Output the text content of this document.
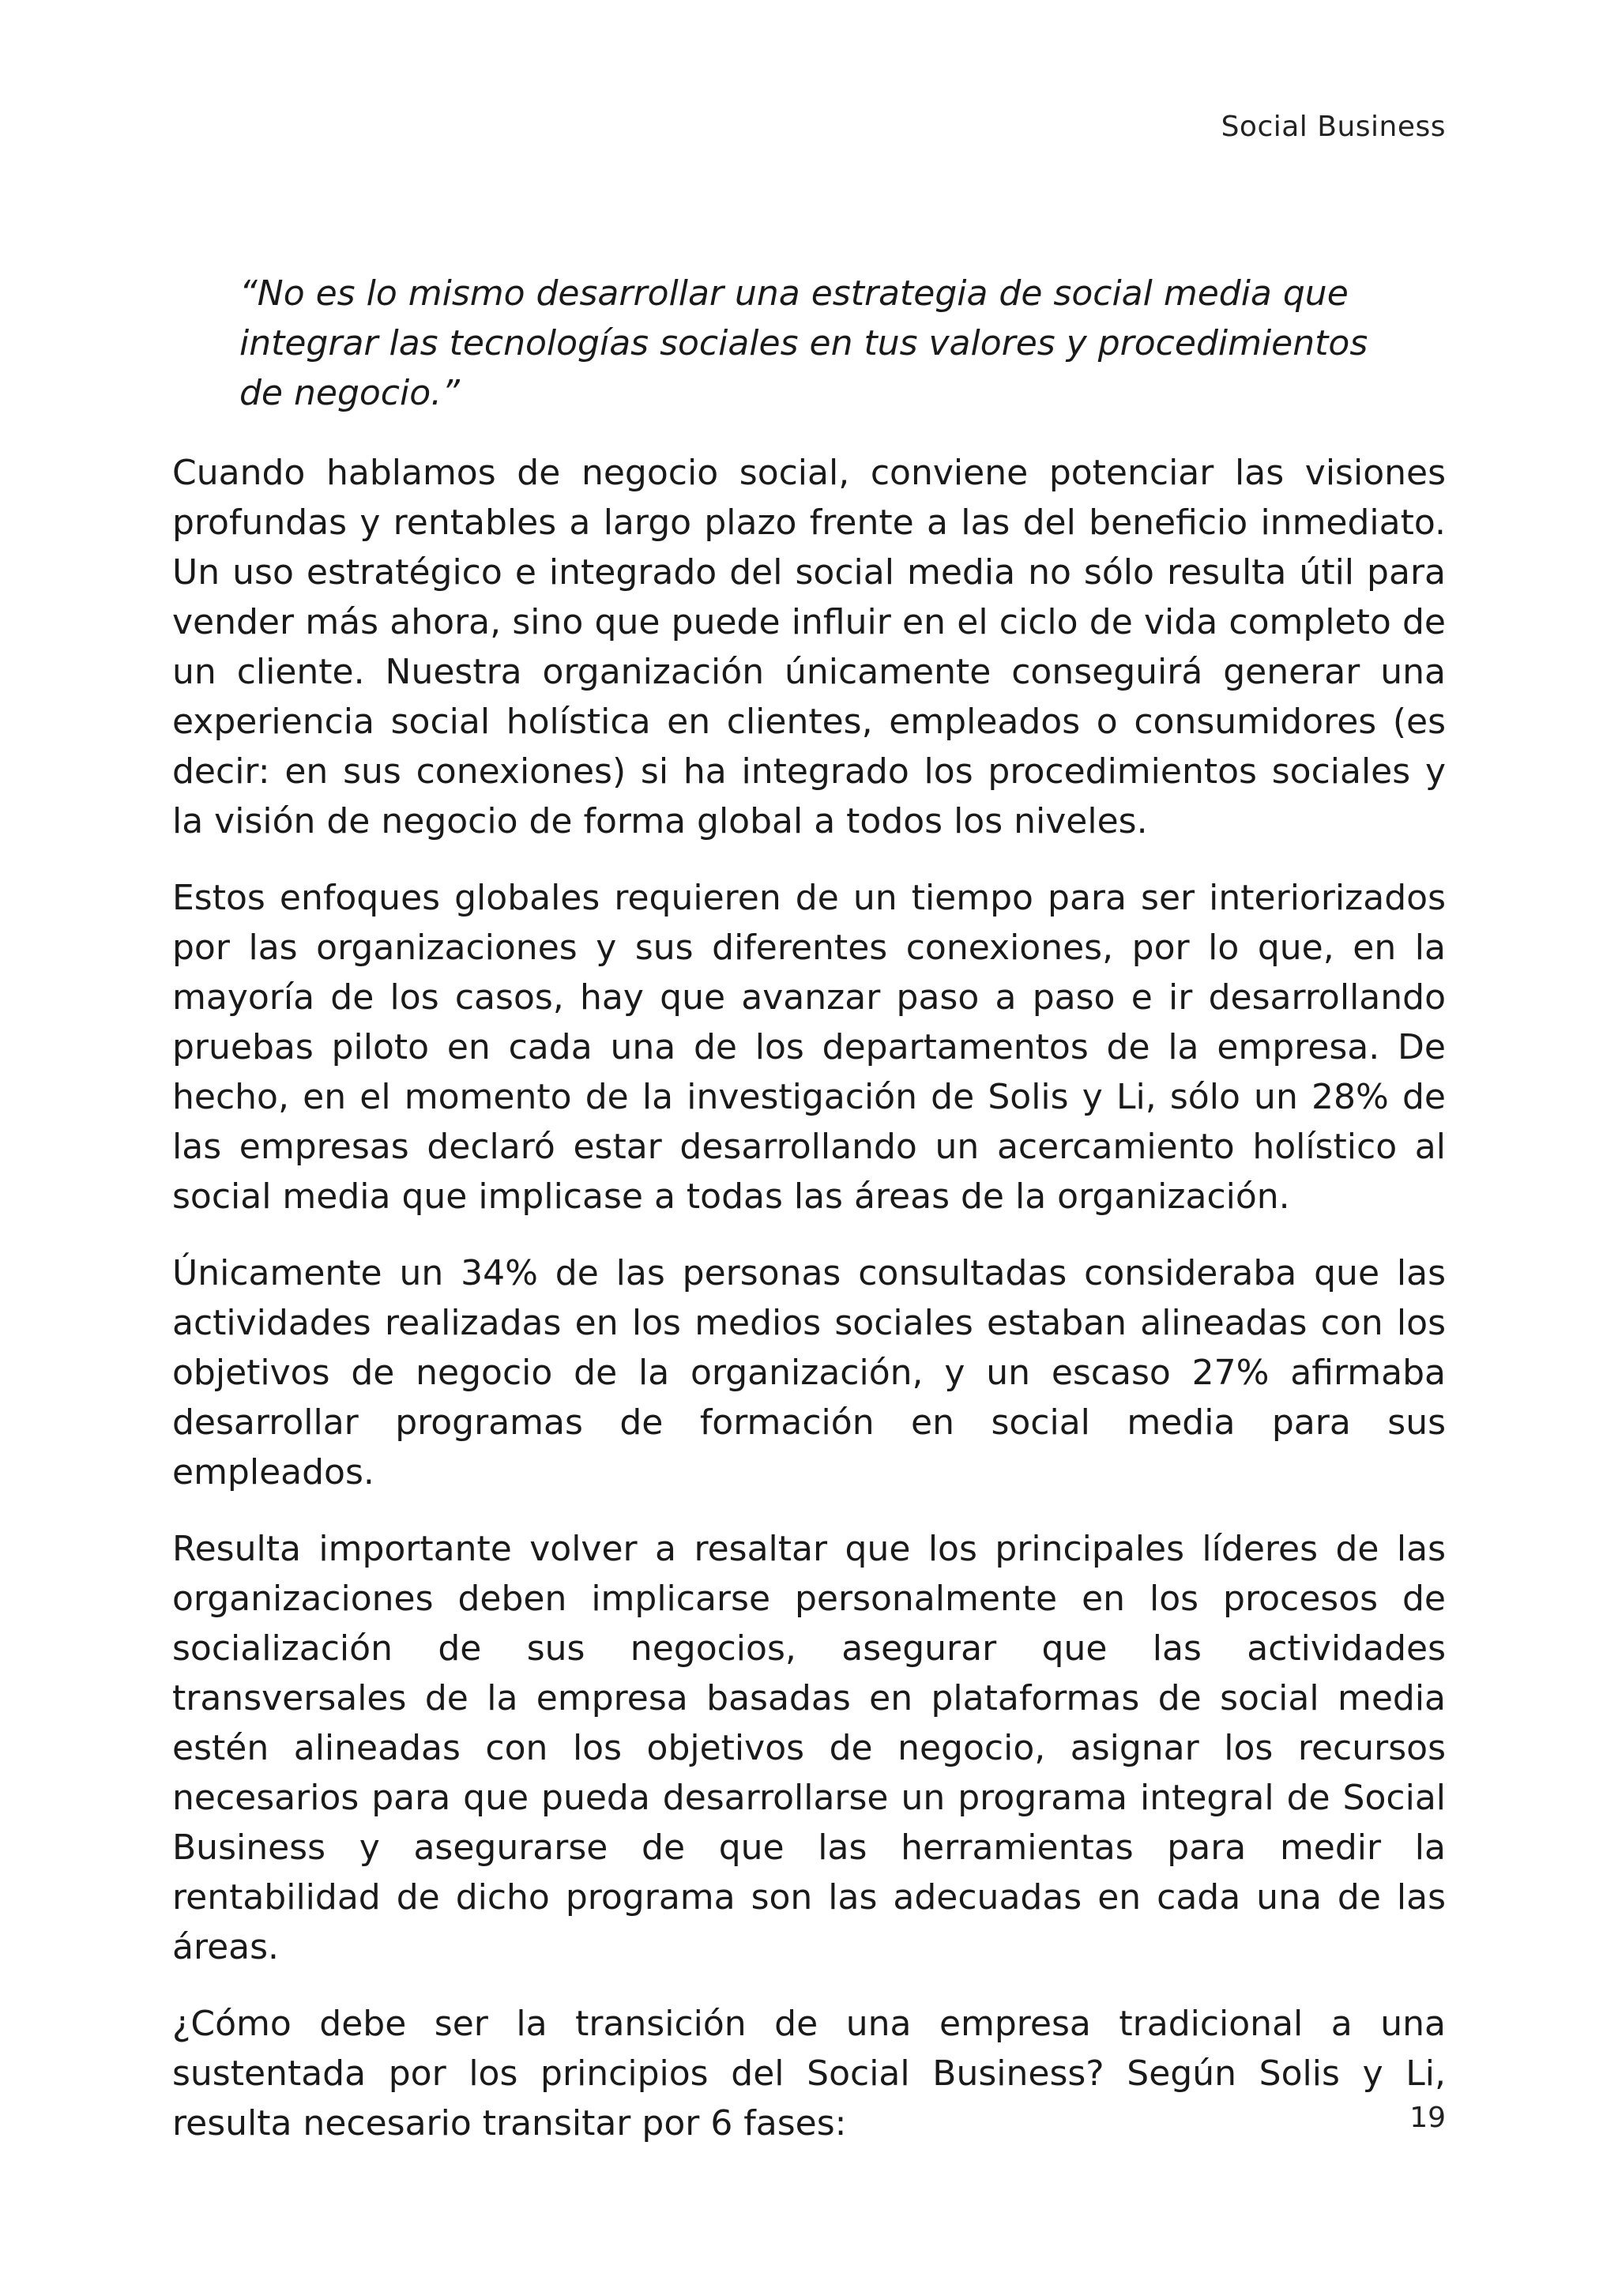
Social Business

“No es lo mismo desarrollar una estrategia de social media que integrar las tecnologías sociales en tus valores y procedimientos de negocio.”

Cuando hablamos de negocio social, conviene potenciar las visiones profundas y rentables a largo plazo frente a las del beneficio inmediato. Un uso estratégico e integrado del social media no sólo resulta útil para vender más ahora, sino que puede influir en el ciclo de vida completo de un cliente. Nuestra organización únicamente conseguirá generar una experiencia social holística en clientes, empleados o consumidores (es decir: en sus conexiones) si ha integrado los procedimientos sociales y la visión de negocio de forma global a todos los niveles.

Estos enfoques globales requieren de un tiempo para ser interiorizados por las organizaciones y sus diferentes conexiones, por lo que, en la mayoría de los casos, hay que avanzar paso a paso e ir desarrollando pruebas piloto en cada una de los departamentos de la empresa. De hecho, en el momento de la investigación de Solis y Li, sólo un 28% de las empresas declaró estar desarrollando un acercamiento holístico al social media que implicase a todas las áreas de la organización.

Únicamente un 34% de las personas consultadas consideraba que las actividades realizadas en los medios sociales estaban alineadas con los objetivos de negocio de la organización, y un escaso 27% afirmaba desarrollar programas de formación en social media para sus empleados.

Resulta importante volver a resaltar que los principales líderes de las organizaciones deben implicarse personalmente en los procesos de socialización de sus negocios, asegurar que las actividades transversales de la empresa basadas en plataformas de social media estén alineadas con los objetivos de negocio, asignar los recursos necesarios para que pueda desarrollarse un programa integral de Social Business y asegurarse de que las herramientas para medir la rentabilidad de dicho programa son las adecuadas en cada una de las áreas.

¿Cómo debe ser la transición de una empresa tradicional a una sustentada por los principios del Social Business? Según Solis y Li, resulta necesario transitar por 6 fases:	19
